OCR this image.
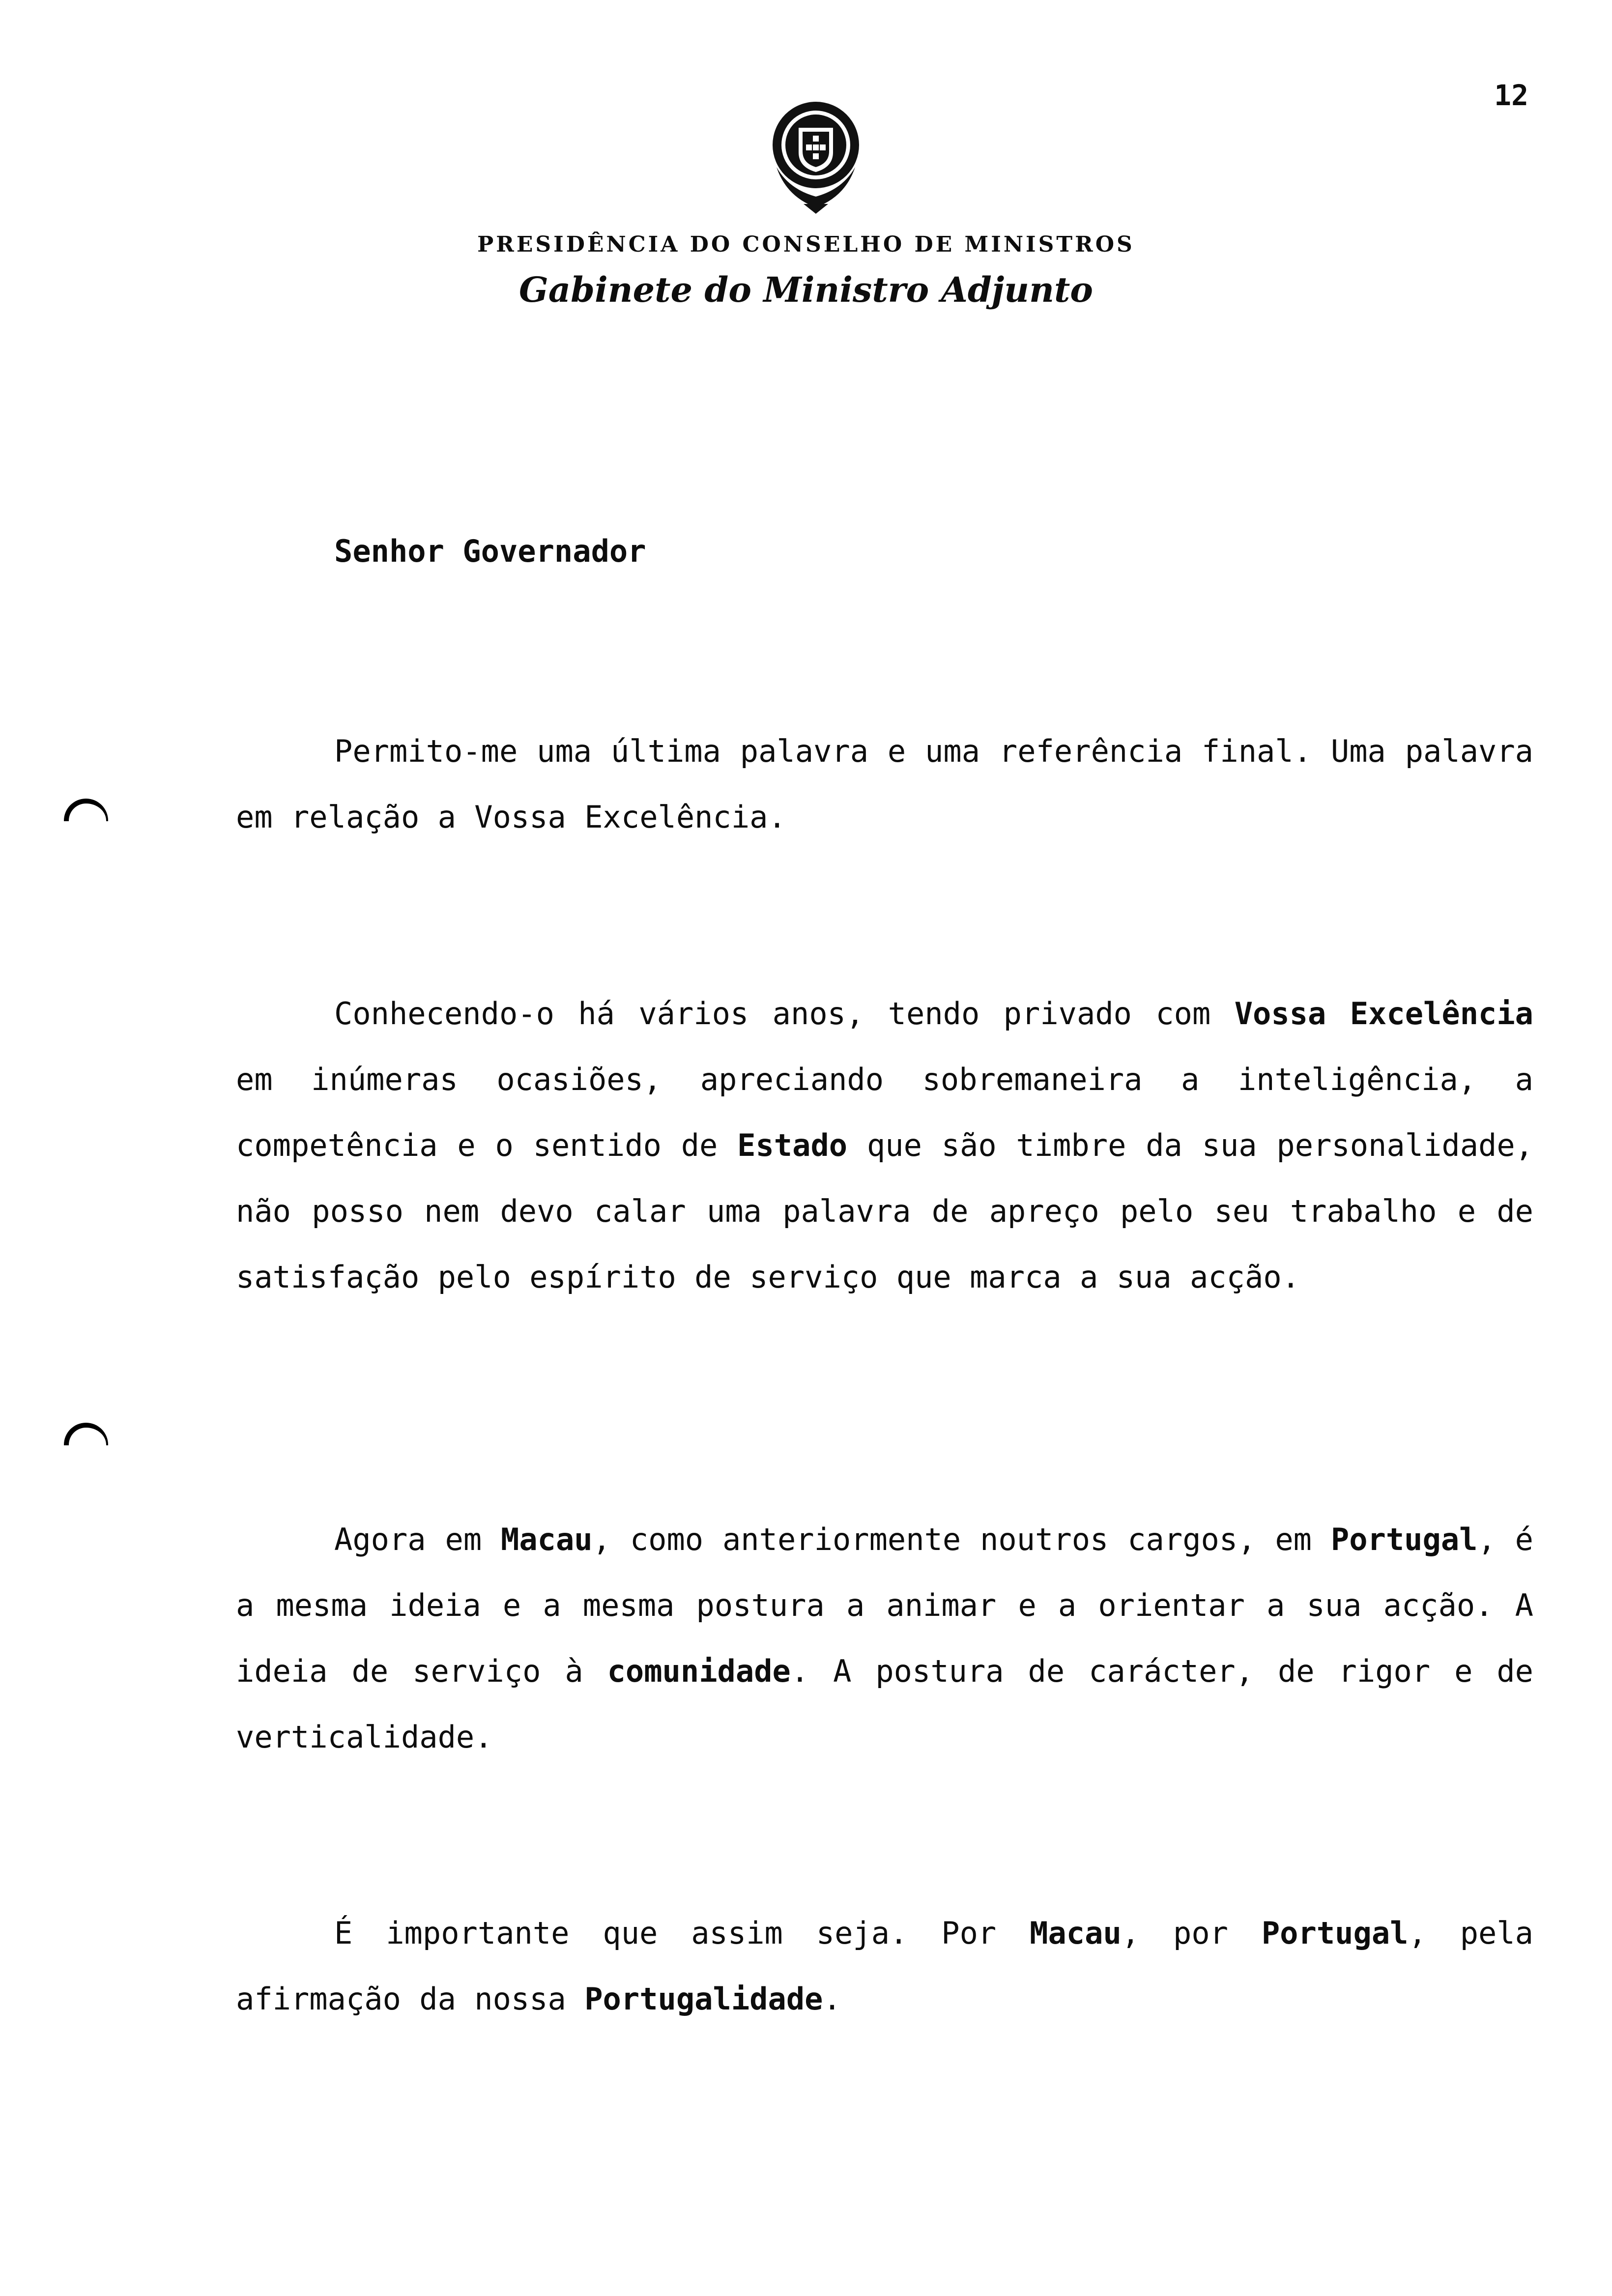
12
PRESIDÊNCIA DO CONSELHO DE MINISTROS
Gabinete do Ministro Adjunto
Senhor Governador
Permito-me uma última palavra e uma referência final. Uma palavra em relação a Vossa Excelência.
Conhecendo-o há vários anos, tendo privado com Vossa Excelência em inúmeras ocasiões, apreciando sobremaneira a inteligência, a competência e o sentido de Estado que são timbre da sua personalidade, não posso nem devo calar uma palavra de apreço pelo seu trabalho e de satisfação pelo espírito de serviço que marca a sua acção.
Agora em Macau, como anteriormente noutros cargos, em Portugal, é a mesma ideia e a mesma postura a animar e a orientar a sua acção. A ideia de serviço à comunidade. A postura de carácter, de rigor e de verticalidade.
É importante que assim seja. Por Macau, por Portugal, pela afirmação da nossa Portugalidade.
